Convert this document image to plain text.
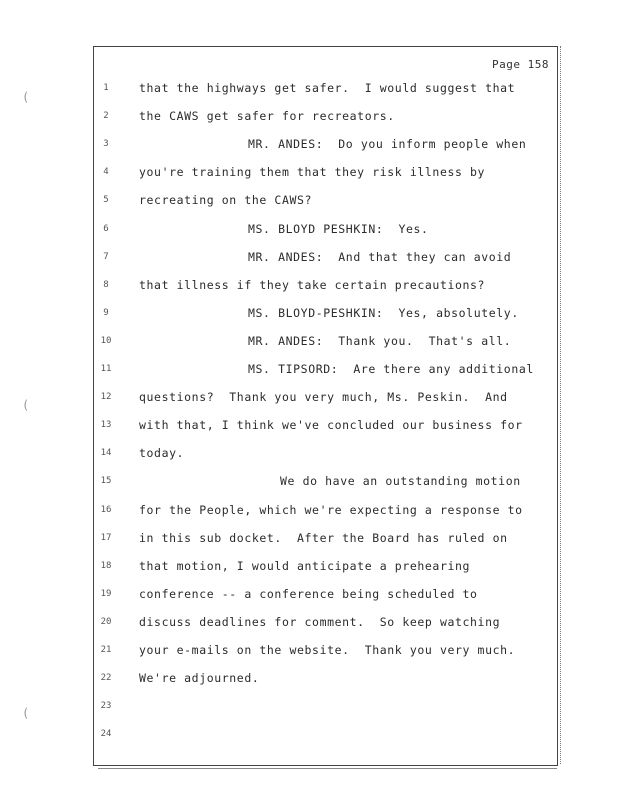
(
(
(
Page 158
1	that the highways get safer.  I would suggest that
2	the CAWS get safer for recreators.
3	MR. ANDES:  Do you inform people when
4	you're training them that they risk illness by
5	recreating on the CAWS?
6	MS. BLOYD PESHKIN:  Yes.
7	MR. ANDES:  And that they can avoid
8	that illness if they take certain precautions?
9	MS. BLOYD-PESHKIN:  Yes, absolutely.
10	MR. ANDES:  Thank you.  That's all.
11	MS. TIPSORD:  Are there any additional
12	questions?  Thank you very much, Ms. Peskin.  And
13	with that, I think we've concluded our business for
14	today.
15	We do have an outstanding motion
16	for the People, which we're expecting a response to
17	in this sub docket.  After the Board has ruled on
18	that motion, I would anticipate a prehearing
19	conference -- a conference being scheduled to
20	discuss deadlines for comment.  So keep watching
21	your e-mails on the website.  Thank you very much.
22	We're adjourned.
23
24
